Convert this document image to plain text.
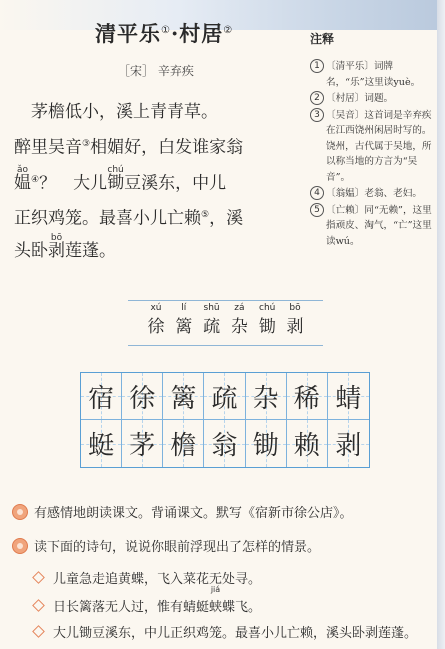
清平乐①·村居②
［宋］ 辛弃疾

　茅檐低小，溪上青青草。

醉里吴音③相媚好，白发谁家翁

ǎo
媪④？　大儿
chú
锄豆溪东，中儿

正织鸡笼。最喜小儿亡赖⑤，溪

头卧
bō
剥莲蓬。

注释
1 〔清平乐〕词牌名，“乐”这里读yuè。
2 〔村居〕词题。
3 〔吴音〕这首词是辛弃疾在江西饶州闲居时写的。饶州，古代属于吴地，所以称当地的方言为“吴音”。
4 〔翁媪〕老翁、老妇。
5 〔亡赖〕同“无赖”，这里指顽皮、淘气，“亡”这里读wú。
xú
徐
lí
篱
shū
疏
zá
杂
chú
锄
bō
剥
宿 徐 篱 疏 杂 稀 蜻
蜓 茅 檐 翁 锄 赖 剥
有感情地朗读课文。背诵课文。默写《宿新市徐公店》。
读下面的诗句，说说你眼前浮现出了怎样的情景。
儿童急走追黄蝶，飞入菜花无处寻。
日长篱落无人过，惟有蜻蜓
jiá
蛱 蝶飞。
大儿锄豆溪东，中儿正织鸡笼。最喜小儿亡赖，溪头卧剥莲蓬。
